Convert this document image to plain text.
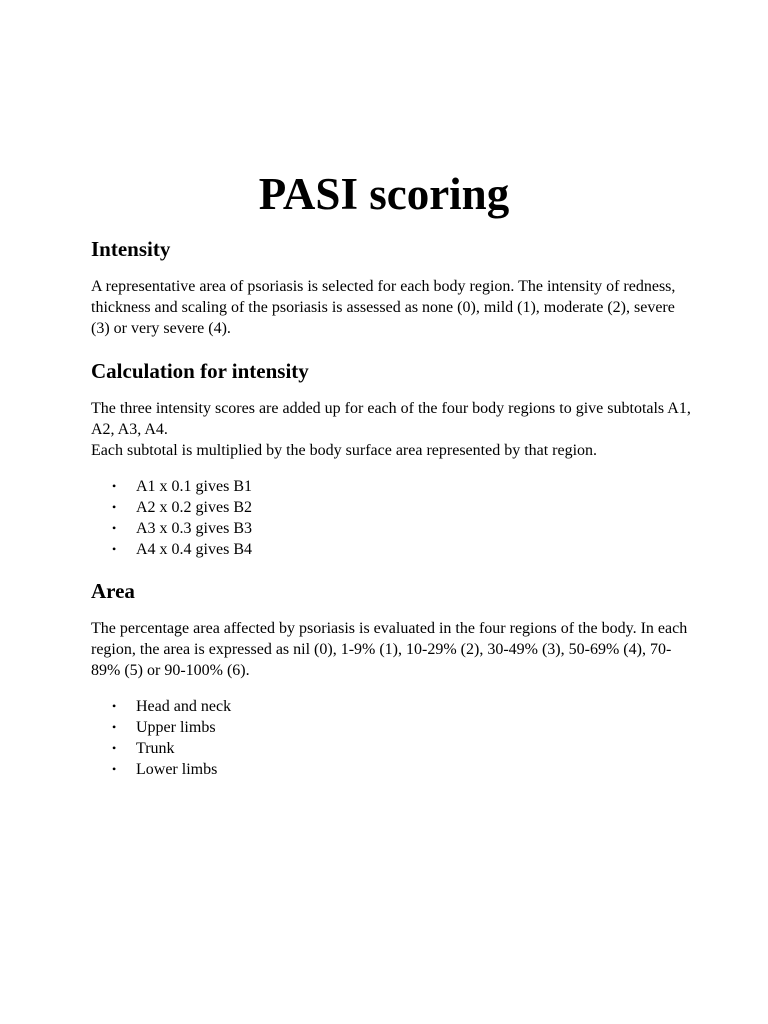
PASI scoring
Intensity

A representative area of psoriasis is selected for each body region. The intensity of redness, thickness and scaling of the psoriasis is assessed as none (0), mild (1), moderate (2), severe (3) or very severe (4).

Calculation for intensity

The three intensity scores are added up for each of the four body regions to give subtotals A1, A2, A3, A4.

Each subtotal is multiplied by the body surface area represented by that region.

• A1 x 0.1 gives B1
• A2 x 0.2 gives B2
• A3 x 0.3 gives B3
• A4 x 0.4 gives B4
Area

The percentage area affected by psoriasis is evaluated in the four regions of the body. In each region, the area is expressed as nil (0), 1-9% (1), 10-29% (2), 30-49% (3), 50-69% (4), 70-89% (5) or 90-100% (6).

• Head and neck
• Upper limbs
• Trunk
• Lower limbs
